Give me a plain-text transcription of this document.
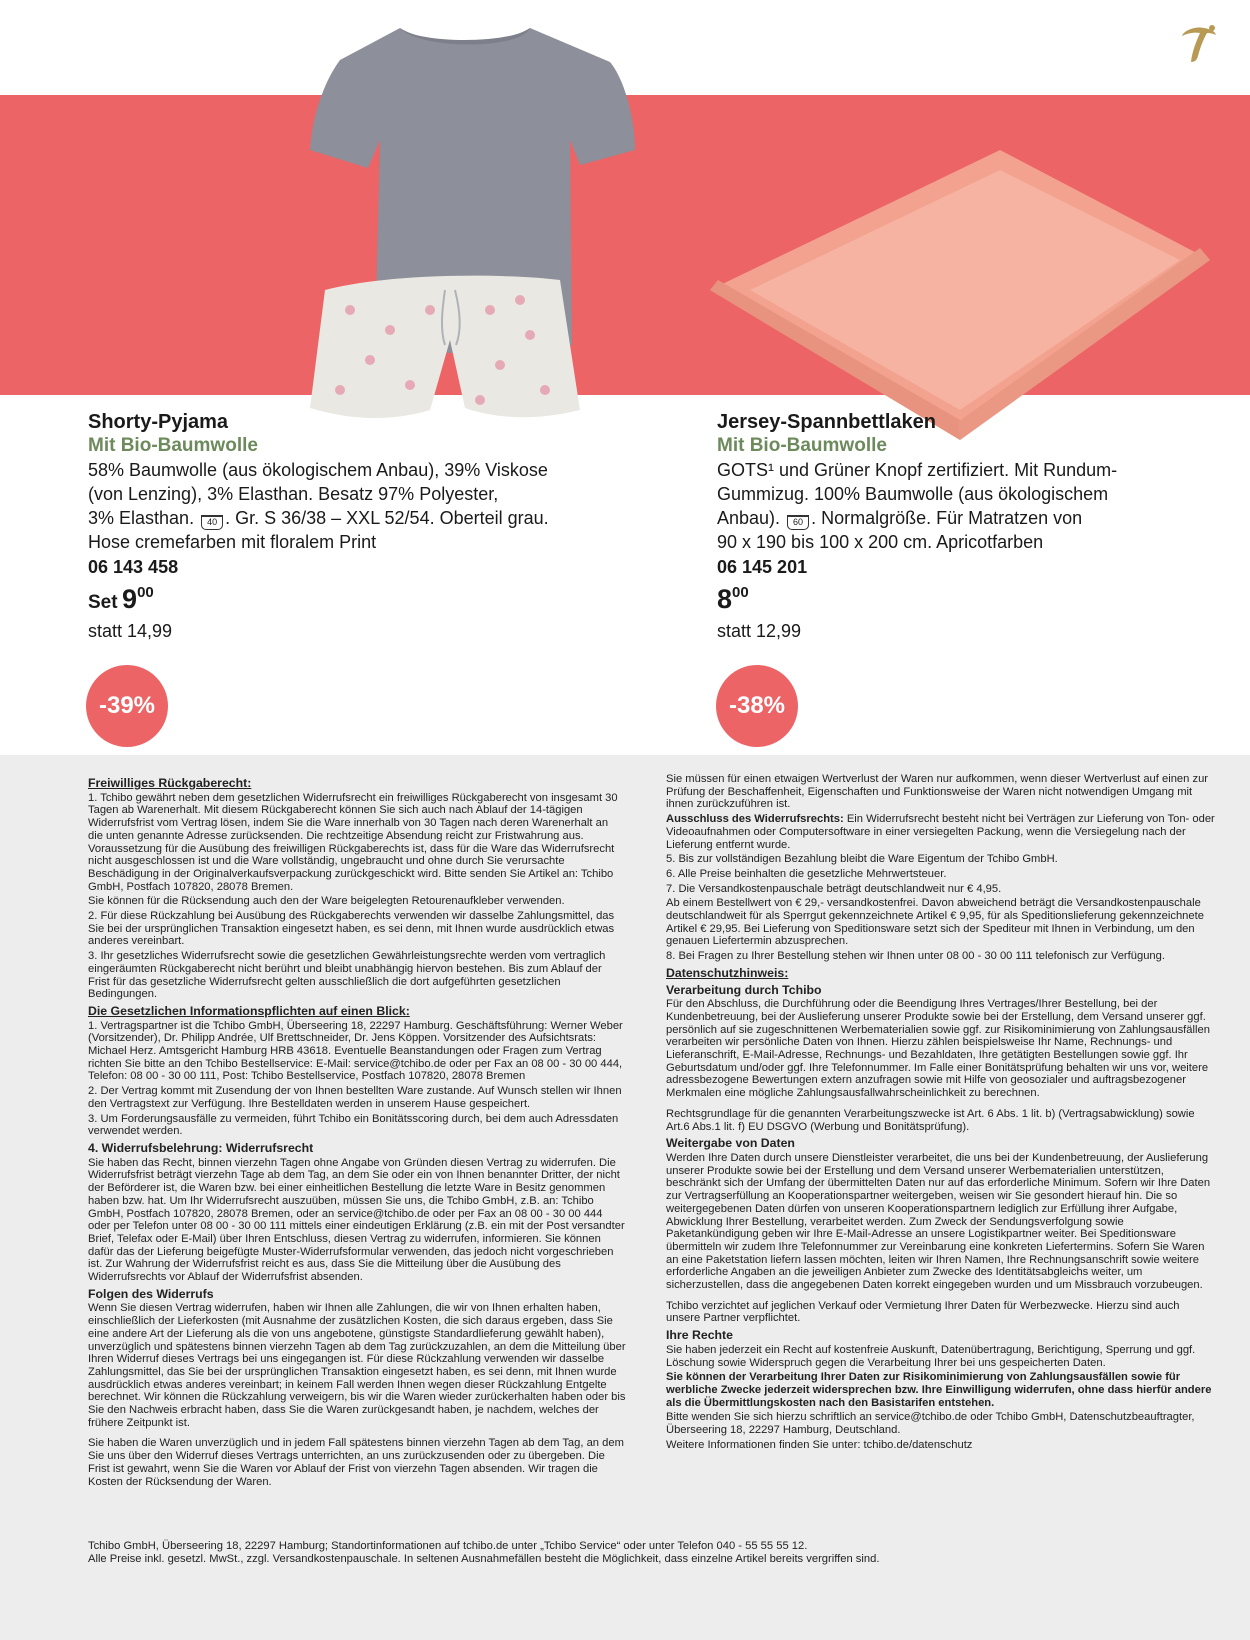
Shorty-Pyjama
Mit Bio-Baumwolle
58% Baumwolle (aus ökologischem Anbau), 39% Viskose
(von Lenzing), 3% Elasthan. Besatz 97% Polyester,
3% Elasthan. 40 . Gr. S 36/38 – XXL 52/54. Oberteil grau.
Hose cremefarben mit floralem Print
06 143 458
Set 900
statt 14,99
Jersey-Spannbettlaken
Mit Bio-Baumwolle
GOTS¹ und Grüner Knopf zertifiziert. Mit Rundum-
Gummizug. 100% Baumwolle (aus ökologischem
Anbau). 60 . Normalgröße. Für Matratzen von
90 x 190 bis 100 x 200 cm. Apricotfarben
06 145 201
800
statt 12,99
-39%	-38%
Freiwilliges Rückgaberecht:

1. Tchibo gewährt neben dem gesetzlichen Widerrufsrecht ein freiwilliges Rückgaberecht von insgesamt 30 Tagen ab Warenerhalt. Mit diesem Rückgaberecht können Sie sich auch nach Ablauf der 14-tägigen Widerrufsfrist vom Vertrag lösen, indem Sie die Ware innerhalb von 30 Tagen nach deren Warenerhalt an die unten genannte Adresse zurücksenden. Die rechtzeitige Absendung reicht zur Fristwahrung aus. Voraussetzung für die Ausübung des freiwilligen Rückgaberechts ist, dass für die Ware das Widerrufsrecht nicht ausgeschlossen ist und die Ware vollständig, ungebraucht und ohne durch Sie verursachte Beschädigung in der Originalverkaufsverpackung zurückgeschickt wird. Bitte senden Sie Artikel an: Tchibo GmbH, Postfach 107820, 28078 Bremen.

Sie können für die Rücksendung auch den der Ware beigelegten Retourenaufkleber verwenden.

2. Für diese Rückzahlung bei Ausübung des Rückgaberechts verwenden wir dasselbe Zahlungsmittel, das Sie bei der ursprünglichen Transaktion eingesetzt haben, es sei denn, mit Ihnen wurde ausdrücklich etwas anderes vereinbart.

3. Ihr gesetzliches Widerrufsrecht sowie die gesetzlichen Gewährleistungsrechte werden vom vertraglich eingeräumten Rückgaberecht nicht berührt und bleibt unabhängig hiervon bestehen. Bis zum Ablauf der Frist für das gesetzliche Widerrufsrecht gelten ausschließlich die dort aufgeführten gesetzlichen Bedingungen.

Die Gesetzlichen Informationspflichten auf einen Blick:

1. Vertragspartner ist die Tchibo GmbH, Überseering 18, 22297 Hamburg. Geschäftsführung: Werner Weber (Vorsitzender), Dr. Philipp Andrée, Ulf Brettschneider, Dr. Jens Köppen. Vorsitzender des Aufsichtsrats: Michael Herz. Amtsgericht Hamburg HRB 43618. Eventuelle Beanstandungen oder Fragen zum Vertrag richten Sie bitte an den Tchibo Bestellservice: E-Mail: service@tchibo.de oder per Fax an 08 00 - 30 00 444, Telefon: 08 00 - 30 00 111, Post: Tchibo Bestellservice, Postfach 107820, 28078 Bremen

2. Der Vertrag kommt mit Zusendung der von Ihnen bestellten Ware zustande. Auf Wunsch stellen wir Ihnen den Vertragstext zur Verfügung. Ihre Bestelldaten werden in unserem Hause gespeichert.

3. Um Forderungsausfälle zu vermeiden, führt Tchibo ein Bonitätsscoring durch, bei dem auch Adressdaten verwendet werden.

4. Widerrufsbelehrung: Widerrufsrecht

Sie haben das Recht, binnen vierzehn Tagen ohne Angabe von Gründen diesen Vertrag zu widerrufen. Die Widerrufsfrist beträgt vierzehn Tage ab dem Tag, an dem Sie oder ein von Ihnen benannter Dritter, der nicht der Beförderer ist, die Waren bzw. bei einer einheitlichen Bestellung die letzte Ware in Besitz genommen haben bzw. hat. Um Ihr Widerrufsrecht auszuüben, müssen Sie uns, die Tchibo GmbH, z.B. an: Tchibo GmbH, Postfach 107820, 28078 Bremen, oder an service@tchibo.de oder per Fax an 08 00 - 30 00 444 oder per Telefon unter 08 00 - 30 00 111 mittels einer eindeutigen Erklärung (z.B. ein mit der Post versandter Brief, Telefax oder E-Mail) über Ihren Entschluss, diesen Vertrag zu widerrufen, informieren. Sie können dafür das der Lieferung beigefügte Muster-Widerrufsformular verwenden, das jedoch nicht vorgeschrieben ist. Zur Wahrung der Widerrufsfrist reicht es aus, dass Sie die Mitteilung über die Ausübung des Widerrufsrechts vor Ablauf der Widerrufsfrist absenden.

Folgen des Widerrufs

Wenn Sie diesen Vertrag widerrufen, haben wir Ihnen alle Zahlungen, die wir von Ihnen erhalten haben, einschließlich der Lieferkosten (mit Ausnahme der zusätzlichen Kosten, die sich daraus ergeben, dass Sie eine andere Art der Lieferung als die von uns angebotene, günstigste Standardlieferung gewählt haben), unverzüglich und spätestens binnen vierzehn Tagen ab dem Tag zurückzuzahlen, an dem die Mitteilung über Ihren Widerruf dieses Vertrags bei uns eingegangen ist. Für diese Rückzahlung verwenden wir dasselbe Zahlungsmittel, das Sie bei der ursprünglichen Transaktion eingesetzt haben, es sei denn, mit Ihnen wurde ausdrücklich etwas anderes vereinbart; in keinem Fall werden Ihnen wegen dieser Rückzahlung Entgelte berechnet. Wir können die Rückzahlung verweigern, bis wir die Waren wieder zurückerhalten haben oder bis Sie den Nachweis erbracht haben, dass Sie die Waren zurückgesandt haben, je nachdem, welches der frühere Zeitpunkt ist.

Sie haben die Waren unverzüglich und in jedem Fall spätestens binnen vierzehn Tagen ab dem Tag, an dem Sie uns über den Widerruf dieses Vertrags unterrichten, an uns zurückzusenden oder zu übergeben. Die Frist ist gewahrt, wenn Sie die Waren vor Ablauf der Frist von vierzehn Tagen absenden. Wir tragen die Kosten der Rücksendung der Waren.

Sie müssen für einen etwaigen Wertverlust der Waren nur aufkommen, wenn dieser Wertverlust auf einen zur Prüfung der Beschaffenheit, Eigenschaften und Funktionsweise der Waren nicht notwendigen Umgang mit ihnen zurückzuführen ist.

Ausschluss des Widerrufsrechts: Ein Widerrufsrecht besteht nicht bei Verträgen zur Lieferung von Ton- oder Videoaufnahmen oder Computersoftware in einer versiegelten Packung, wenn die Versiegelung nach der Lieferung entfernt wurde.

5. Bis zur vollständigen Bezahlung bleibt die Ware Eigentum der Tchibo GmbH.

6. Alle Preise beinhalten die gesetzliche Mehrwertsteuer.

7. Die Versandkostenpauschale beträgt deutschlandweit nur € 4,95.

Ab einem Bestellwert von € 29,- versandkostenfrei. Davon abweichend beträgt die Versandkostenpauschale deutschlandweit für als Sperrgut gekennzeichnete Artikel € 9,95, für als Speditionslieferung gekennzeichnete Artikel € 29,95. Bei Lieferung von Speditionsware setzt sich der Spediteur mit Ihnen in Verbindung, um den genauen Liefertermin abzusprechen.

8. Bei Fragen zu Ihrer Bestellung stehen wir Ihnen unter 08 00 - 30 00 111 telefonisch zur Verfügung.

Datenschutzhinweis:
Verarbeitung durch Tchibo

Für den Abschluss, die Durchführung oder die Beendigung Ihres Vertrages/Ihrer Bestellung, bei der Kundenbetreuung, bei der Auslieferung unserer Produkte sowie bei der Erstellung, dem Versand unserer ggf. persönlich auf sie zugeschnittenen Werbematerialien sowie ggf. zur Risikominimierung von Zahlungsausfällen verarbeiten wir persönliche Daten von Ihnen. Hierzu zählen beispielsweise Ihr Name, Rechnungs- und Lieferanschrift, E-Mail-Adresse, Rechnungs- und Bezahldaten, Ihre getätigten Bestellungen sowie ggf. Ihr Geburtsdatum und/oder ggf. Ihre Telefonnummer. Im Falle einer Bonitätsprüfung behalten wir uns vor, weitere adressbezogene Bewertungen extern anzufragen sowie mit Hilfe von geosozialer und auftragsbezogener Merkmalen eine mögliche Zahlungsausfallwahrscheinlichkeit zu berechnen.

Rechtsgrundlage für die genannten Verarbeitungszwecke ist Art. 6 Abs. 1 lit. b) (Vertragsabwicklung) sowie Art.6 Abs.1 lit. f) EU DSGVO (Werbung und Bonitätsprüfung).

Weitergabe von Daten

Werden Ihre Daten durch unsere Dienstleister verarbeitet, die uns bei der Kundenbetreuung, der Auslieferung unserer Produkte sowie bei der Erstellung und dem Versand unserer Werbematerialien unterstützen, beschränkt sich der Umfang der übermittelten Daten nur auf das erforderliche Minimum. Sofern wir Ihre Daten zur Vertragserfüllung an Kooperationspartner weitergeben, weisen wir Sie gesondert hierauf hin. Die so weitergegebenen Daten dürfen von unseren Kooperationspartnern lediglich zur Erfüllung ihrer Aufgabe, Abwicklung Ihrer Bestellung, verarbeitet werden. Zum Zweck der Sendungsverfolgung sowie Paketankündigung geben wir Ihre E-Mail-Adresse an unsere Logistikpartner weiter. Bei Speditionsware übermitteln wir zudem Ihre Telefonnummer zur Vereinbarung eine konkreten Liefertermins. Sofern Sie Waren an eine Paketstation liefern lassen möchten, leiten wir Ihren Namen, Ihre Rechnungsanschrift sowie weitere erforderliche Angaben an die jeweiligen Anbieter zum Zwecke des Identitätsabgleichs weiter, um sicherzustellen, dass die angegebenen Daten korrekt eingegeben wurden und um Missbrauch vorzubeugen.

Tchibo verzichtet auf jeglichen Verkauf oder Vermietung Ihrer Daten für Werbezwecke. Hierzu sind auch unsere Partner verpflichtet.

Ihre Rechte

Sie haben jederzeit ein Recht auf kostenfreie Auskunft, Datenübertragung, Berichtigung, Sperrung und ggf. Löschung sowie Widerspruch gegen die Verarbeitung Ihrer bei uns gespeicherten Daten.

Sie können der Verarbeitung Ihrer Daten zur Risikominimierung von Zahlungsausfällen sowie für werbliche Zwecke jederzeit widersprechen bzw. Ihre Einwilligung widerrufen, ohne dass hierfür andere als die Übermittlungskosten nach den Basistarifen entstehen.

Bitte wenden Sie sich hierzu schriftlich an service@tchibo.de oder Tchibo GmbH, Datenschutzbeauftragter, Überseering 18, 22297 Hamburg, Deutschland.

Weitere Informationen finden Sie unter: tchibo.de/datenschutz

Tchibo GmbH, Überseering 18, 22297 Hamburg; Standortinformationen auf tchibo.de unter „Tchibo Service“ oder unter Telefon 040 - 55 55 55 12.
Alle Preise inkl. gesetzl. MwSt., zzgl. Versandkostenpauschale. In seltenen Ausnahmefällen besteht die Möglichkeit, dass einzelne Artikel bereits vergriffen sind.
